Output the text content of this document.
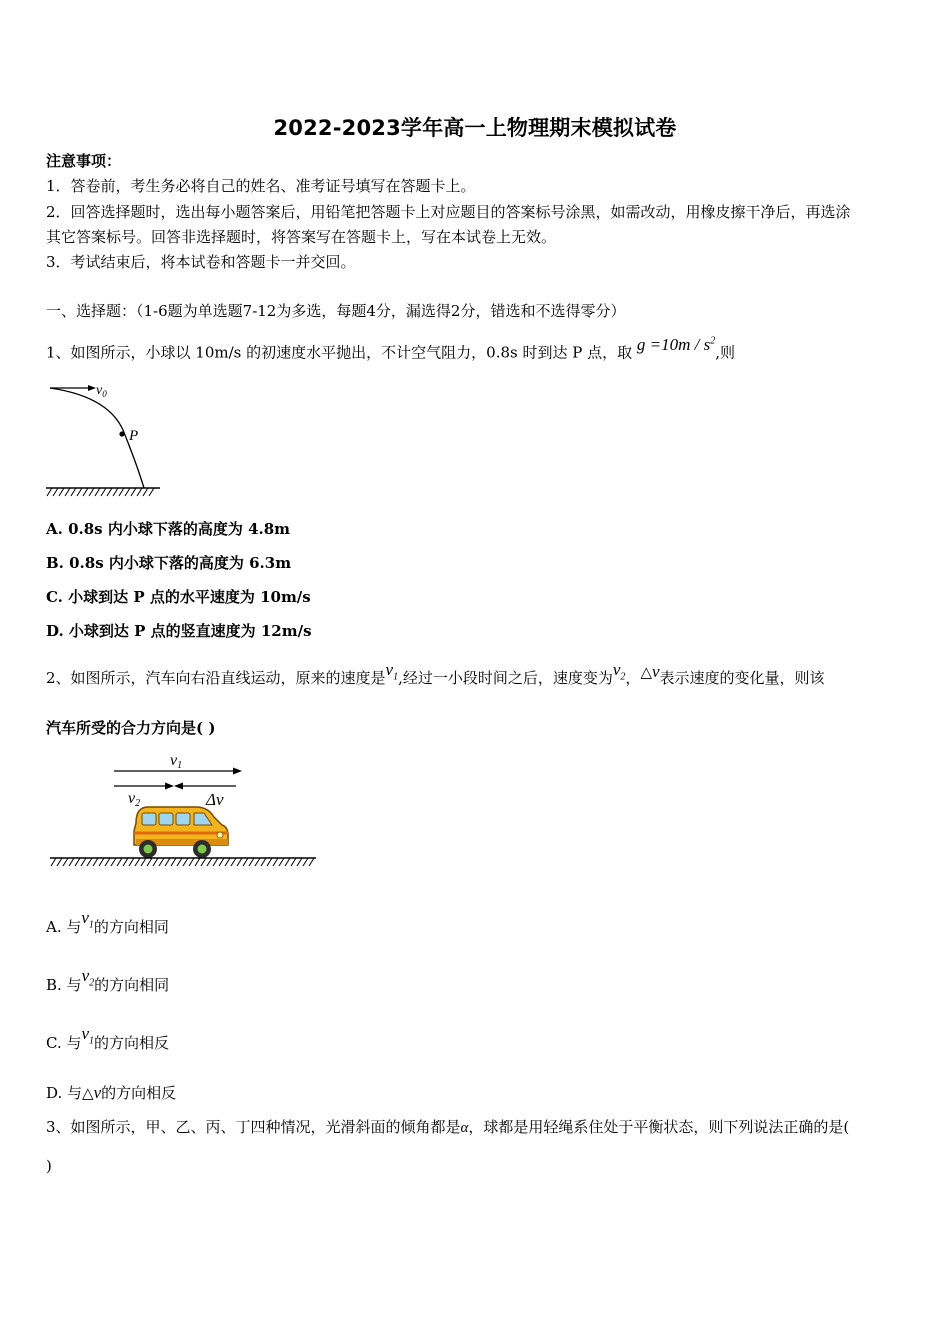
2022-2023学年高一上物理期末模拟试卷
注意事项：
1．答卷前，考生务必将自己的姓名、准考证号填写在答题卡上。
2．回答选择题时，选出每小题答案后，用铅笔把答题卡上对应题目的答案标号涂黑，如需改动，用橡皮擦干净后，再选涂
其它答案标号。回答非选择题时，将答案写在答题卡上，写在本试卷上无效。
3．考试结束后，将本试卷和答题卡一并交回。
一、选择题：（1-6题为单选题7-12为多选，每题4分，漏选得2分，错选和不选得零分）
1、如图所示，小球以 10m/s 的初速度水平抛出，不计空气阻力，0.8s 时到达 P 点，取 $g =10m / s^2$,则
$v_0$
P
A. 0.8s 内小球下落的高度为 4.8m
B. 0.8s 内小球下落的高度为 6.3m
C. 小球到达 P 点的水平速度为 10m/s
D. 小球到达 P 点的竖直速度为 12m/s
2、如图所示，汽车向右沿直线运动，原来的速度是$v_1$,经过一小段时间之后，速度变为$v_2$，△v表示速度的变化量，则该
汽车所受的合力方向是( )
v1
v2	Δv
A. 与$v_1$的方向相同
B. 与$v_2$的方向相同
C. 与$v_1$的方向相反
D. 与△v的方向相反
3、如图所示，甲、乙、丙、丁四种情况，光滑斜面的倾角都是α，球都是用轻绳系住处于平衡状态，则下列说法正确的是(
)
